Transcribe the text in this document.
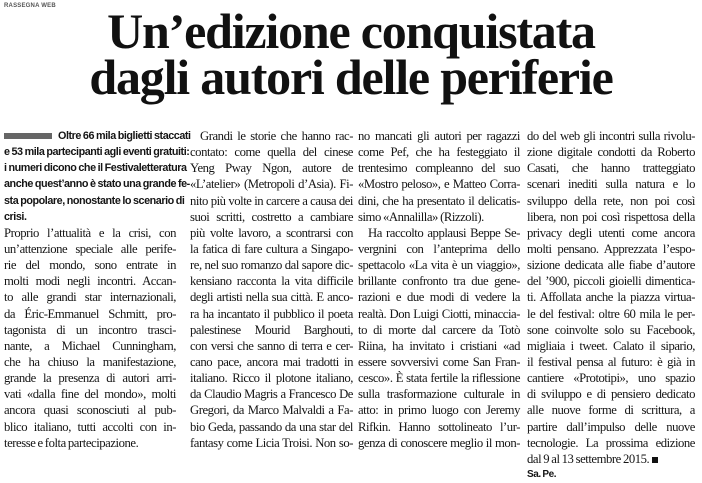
RASSEGNA WEB	Un’edizione conquistata
dagli autori delle periferie
Oltre 66 mila biglietti staccati
e 53 mila partecipanti agli eventi gratuiti:
i numeri dicono che il Festivaletteratura
anche quest’anno è stato una grande fe-
sta popolare, nonostante lo scenario di
crisi.
Proprio l’attualità e la crisi, con
un’attenzione speciale alle perife-
rie del mondo, sono entrate in
molti modi negli incontri. Accan-
to alle grandi star internazionali,
da Éric-Emmanuel Schmitt, pro-
tagonista di un incontro trasci-
nante, a Michael Cunningham,
che ha chiuso la manifestazione,
grande la presenza di autori arri-
vati «dalla fine del mondo», molti
ancora quasi sconosciuti al pub-
blico italiano, tutti accolti con in-
teresse e folta partecipazione.
Grandi le storie che hanno rac-
contato: come quella del cinese
Yeng Pway Ngon, autore de
«L’atelier» (Metropoli d’Asia). Fi-
nito più volte in carcere a causa dei
suoi scritti, costretto a cambiare
più volte lavoro, a scontrarsi con
la fatica di fare cultura a Singapo-
re, nel suo romanzo dal sapore dic-
kensiano racconta la vita difficile
degli artisti nella sua città. E anco-
ra ha incantato il pubblico il poeta
palestinese Mourid Barghouti,
con versi che sanno di terra e cer-
cano pace, ancora mai tradotti in
italiano. Ricco il plotone italiano,
da Claudio Magris a Francesco De
Gregori, da Marco Malvaldi a Fa-
bio Geda, passando da una star del
fantasy come Licia Troisi. Non so-
no mancati gli autori per ragazzi
come Pef, che ha festeggiato il
trentesimo compleanno del suo
«Mostro peloso», e Matteo Corra-
dini, che ha presentato il delicatis-
simo «Annalilla» (Rizzoli).
Ha raccolto applausi Beppe Se-
vergnini con l’anteprima dello
spettacolo «La vita è un viaggio»,
brillante confronto tra due gene-
razioni e due modi di vedere la
realtà. Don Luigi Ciotti, minaccia-
to di morte dal carcere da Totò
Riina, ha invitato i cristiani «ad
essere sovversivi come San Fran-
cesco». È stata fertile la riflessione
sulla trasformazione culturale in
atto: in primo luogo con Jeremy
Rifkin. Hanno sottolineato l’ur-
genza di conoscere meglio il mon-
do del web gli incontri sulla rivolu-
zione digitale condotti da Roberto
Casati, che hanno tratteggiato
scenari inediti sulla natura e lo
sviluppo della rete, non poi così
libera, non poi così rispettosa della
privacy degli utenti come ancora
molti pensano. Apprezzata l’espo-
sizione dedicata alle fiabe d’autore
del ’900, piccoli gioielli dimentica-
ti. Affollata anche la piazza virtua-
le del festival: oltre 60 mila le per-
sone coinvolte solo su Facebook,
migliaia i tweet. Calato il sipario,
il festival pensa al futuro: è già in
cantiere «Prototipi», uno spazio
di sviluppo e di pensiero dedicato
alle nuove forme di scrittura, a
partire dall’impulso delle nuove
tecnologie. La prossima edizione
dal 9 al 13 settembre 2015.
Sa. Pe.
